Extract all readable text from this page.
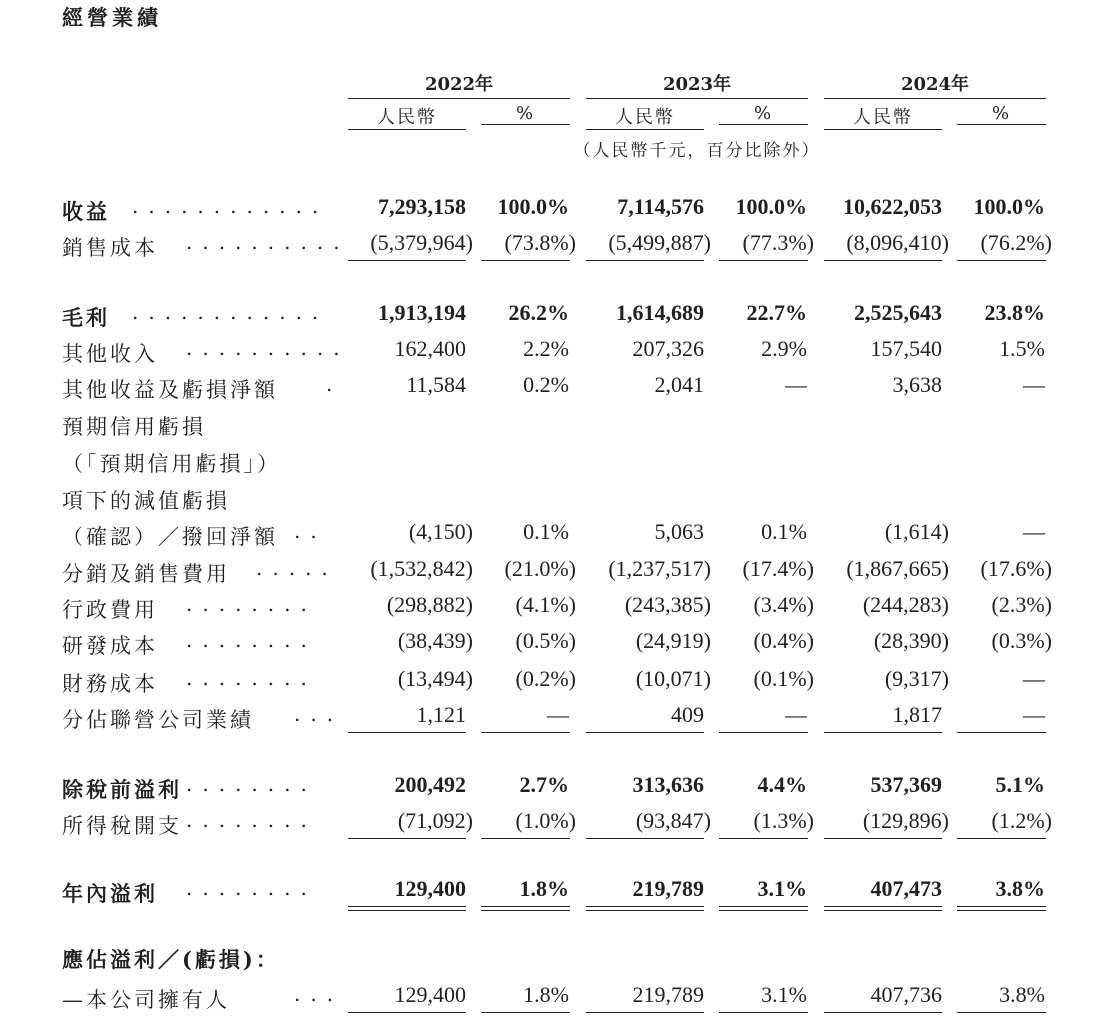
經營業績
2022年	2023年	2024年
人民幣	%	人民幣	%	人民幣	%
（人民幣千元，百分比除外）
收益 ............ 7,293,158 100.0% 7,114,576 100.0% 10,622,053 100.0%
銷售成本 .......... (5,379,964) (73.8%) (5,499,887) (77.3%) (8,096,410) (76.2%)
毛利 ............ 1,913,194 26.2% 1,614,689 22.7% 2,525,643 23.8%
其他收入 .......... 162,400	2.2%	207,326	2.9%	157,540	1.5%
其他收益及虧損淨額 .	11,584	0.2%	2,041	—	3,638	—
預期信用虧損
（「預期信用虧損」）
項下的減值虧損
（確認）／撥回淨額 ..	(4,150) 0.1%	5,063	0.1%	(1,614)	—
分銷及銷售費用 ..... (1,532,842) (21.0%) (1,237,517) (17.4%) (1,867,665) (17.6%)
行政費用 ........	(298,882) (4.1%) (243,385) (3.4%) (244,283) (2.3%)
研發成本 ........	(38,439) (0.5%)	(24,919) (0.4%)	(28,390) (0.3%)
財務成本 ........	(13,494) (0.2%)	(10,071) (0.1%)	(9,317)	—
分佔聯營公司業績 ...	1,121	—	409	—	1,817	—
除稅前溢利 ........	200,492 2.7%	313,636 4.4%	537,369 5.1%
所得稅開支 ........	(71,092) (1.0%)	(93,847) (1.3%) (129,896) (1.2%)
年內溢利 ........	129,400 1.8%	219,789 3.1%	407,473 3.8%
應佔溢利／(虧損)：
—本公司擁有人	... 129,400	1.8%	219,789	3.1%	407,736	3.8%
